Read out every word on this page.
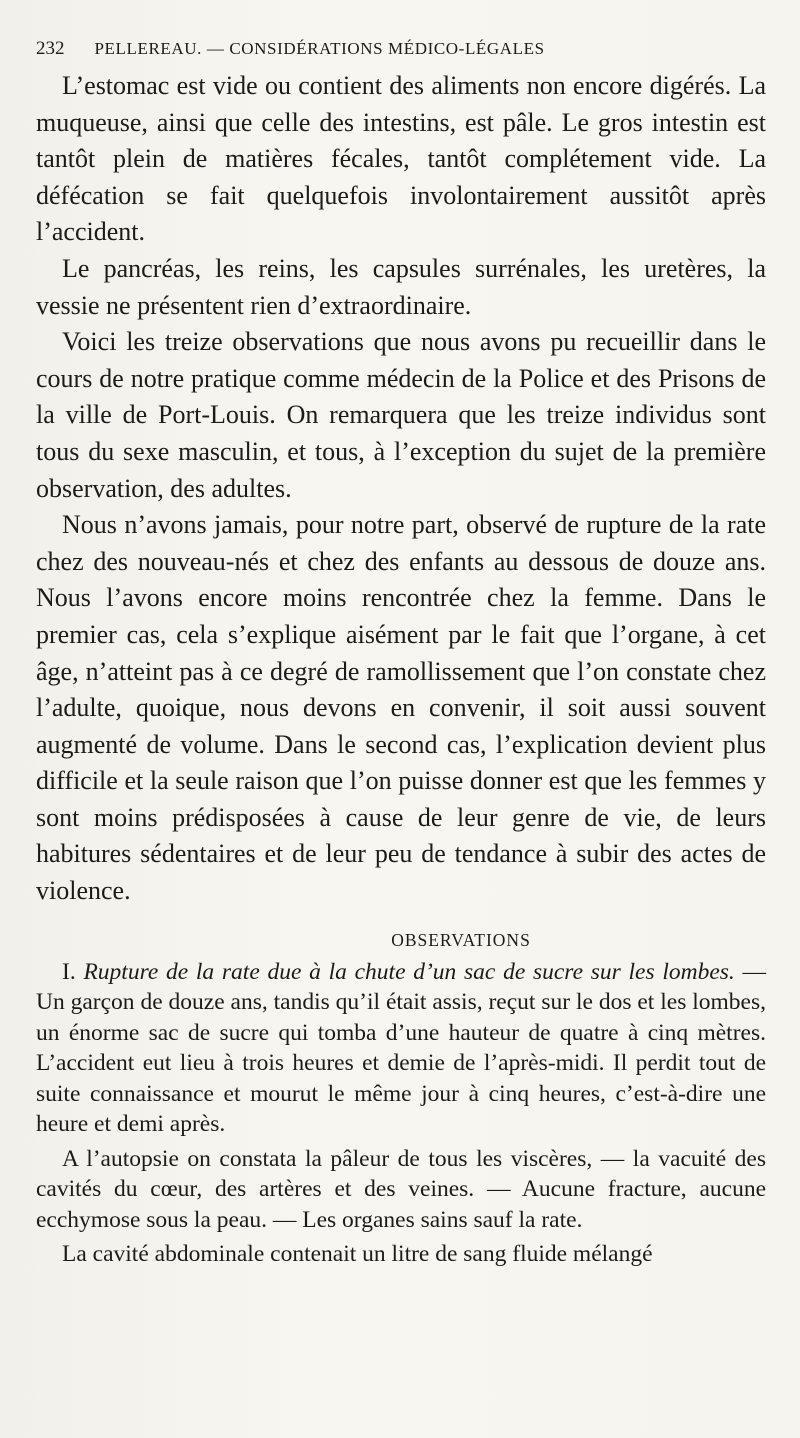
232 PELLEREAU. — CONSIDÉRATIONS MÉDICO-LÉGALES

L’estomac est vide ou contient des aliments non encore digérés. La muqueuse, ainsi que celle des intestins, est pâle. Le gros intestin est tantôt plein de matières fécales, tantôt complétement vide. La défécation se fait quelquefois involontairement aussitôt après l’accident.

Le pancréas, les reins, les capsules surrénales, les uretères, la vessie ne présentent rien d’extraordinaire.

Voici les treize observations que nous avons pu recueillir dans le cours de notre pratique comme médecin de la Police et des Prisons de la ville de Port-Louis. On remarquera que les treize individus sont tous du sexe masculin, et tous, à l’exception du sujet de la première observation, des adultes.

Nous n’avons jamais, pour notre part, observé de rupture de la rate chez des nouveau-nés et chez des enfants au dessous de douze ans. Nous l’avons encore moins rencontrée chez la femme. Dans le premier cas, cela s’explique aisément par le fait que l’organe, à cet âge, n’atteint pas à ce degré de ramollissement que l’on constate chez l’adulte, quoique, nous devons en convenir, il soit aussi souvent augmenté de volume. Dans le second cas, l’explication devient plus difficile et la seule raison que l’on puisse donner est que les femmes y sont moins prédisposées à cause de leur genre de vie, de leurs habitures sédentaires et de leur peu de tendance à subir des actes de violence.

OBSERVATIONS

I. Rupture de la rate due à la chute d’un sac de sucre sur les lombes. — Un garçon de douze ans, tandis qu’il était assis, reçut sur le dos et les lombes, un énorme sac de sucre qui tomba d’une hauteur de quatre à cinq mètres. L’accident eut lieu à trois heures et demie de l’après-midi. Il perdit tout de suite connaissance et mourut le même jour à cinq heures, c’est-à-dire une heure et demi après.

A l’autopsie on constata la pâleur de tous les viscères, — la vacuité des cavités du cœur, des artères et des veines. — Aucune fracture, aucune ecchymose sous la peau. — Les organes sains sauf la rate.

La cavité abdominale contenait un litre de sang fluide mélangé
